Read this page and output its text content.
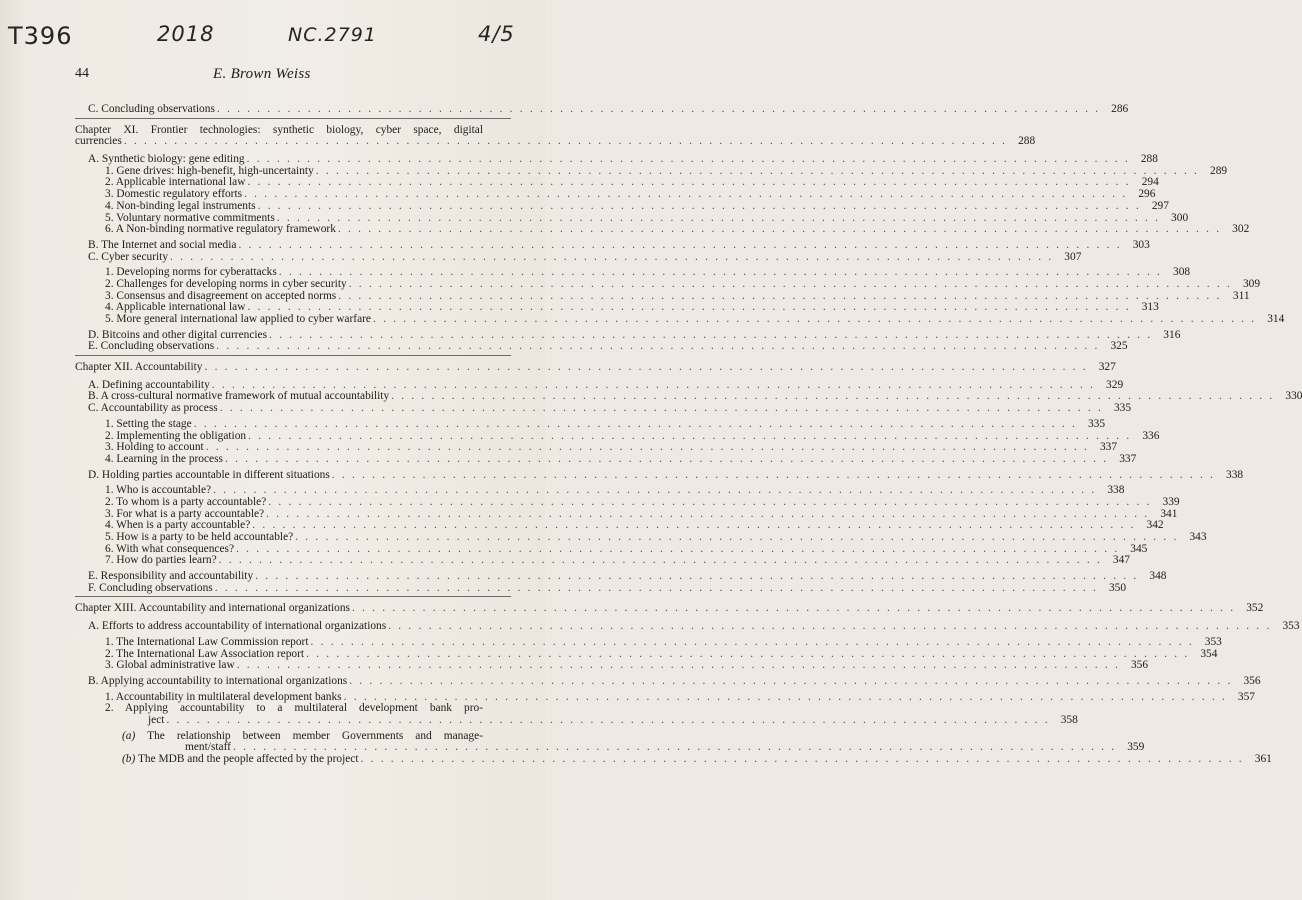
T396	2018	NC.2791	4/5
44	E. Brown Weiss
C. Concluding observations . . .	286
Chapter XI. Frontier technologies: synthetic biology, cyber space, digital
currencies . . .	288
A. Synthetic biology: gene editing . . .	288
1. Gene drives: high-benefit, high-uncertainty . . .	289
2. Applicable international law . . .	294
3. Domestic regulatory efforts . . .	296
4. Non-binding legal instruments . . .	297
5. Voluntary normative commitments . . .	300
6. A Non-binding normative regulatory framework . . .	302
B. The Internet and social media . . .	303
C. Cyber security . . .	307
1. Developing norms for cyberattacks . . .	308
2. Challenges for developing norms in cyber security . . .	309
3. Consensus and disagreement on accepted norms . . .	311
4. Applicable international law . . .	313
5. More general international law applied to cyber warfare . . .	314
D. Bitcoins and other digital currencies . . .	316
E. Concluding observations . . .	325
Chapter XII. Accountability . . .	327
A. Defining accountability . . .	329
B. A cross-cultural normative framework of mutual accountability . . .	330
C. Accountability as process . . .	335
1. Setting the stage . . .	335
2. Implementing the obligation . . .	336
3. Holding to account . . .	337
4. Learning in the process . . .	337
D. Holding parties accountable in different situations . . .	338
1. Who is accountable? . . .	338
2. To whom is a party accountable? . . .	339
3. For what is a party accountable? . . .	341
4. When is a party accountable? . . .	342
5. How is a party to be held accountable? . . .	343
6. With what consequences? . . .	345
7. How do parties learn? . . .	347
E. Responsibility and accountability . . .	348
F. Concluding observations . . .	350
Chapter XIII. Accountability and international organizations . . .	352
A. Efforts to address accountability of international organizations . . .	353
1. The International Law Commission report . . .	353
2. The International Law Association report . . .	354
3. Global administrative law . . .	356
B. Applying accountability to international organizations . . .	356
1. Accountability in multilateral development banks . . .	357
2. Applying accountability to a multilateral development bank pro-
ject . . .	358
(a) The relationship between member Governments and manage-
ment/staff . . .	359
(b) The MDB and the people affected by the project . . .	361
